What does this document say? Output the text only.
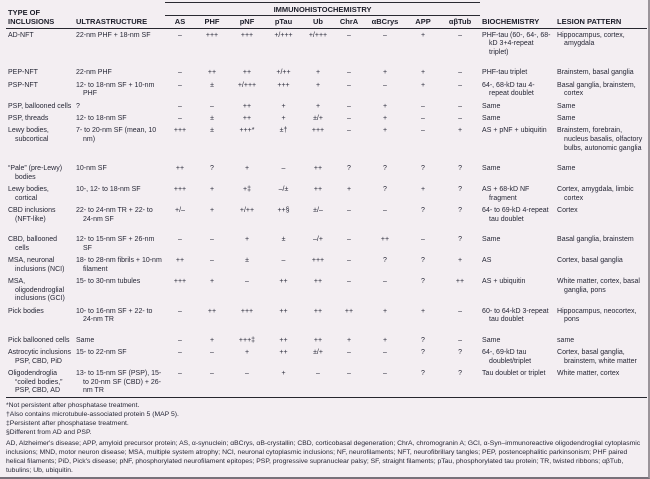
TYPE OF INCLUSIONS	ULTRASTRUCTURE	IMMUNOHISTOCHEMISTRY									BIOCHEMISTRY	LESION PATTERN
		AS	PHF	pNF	pTau	Ub	ChrA	αBCrys	APP	αβTub		
AD-NFT	22-nm PHF + 18-nm SF	–	+++	+++	+/+++	+/+++	–	–	+	–	PHF-tau (60-, 64-, 68-kD 3+4-repeat triplet)	Hippocampus, cortex, amygdala
PEP-NFT	22-nm PHF	–	++	++	+/++	+	–	+	+	–	PHF-tau triplet	Brainstem, basal ganglia
PSP-NFT	12- to 18-nm SF + 10-nm PHF	–	±	+/+++	+++	+	–	–	+	–	64-, 68-kD tau 4-repeat doublet	Basal ganglia, brainstem, cortex
PSP, ballooned cells	?	–	–	++	+	+	–	+	–	–	Same	Same
PSP, threads	12- to 18-nm SF	–	±	++	+	±/+	–	+	–	–	Same	Same
Lewy bodies, subcortical	7- to 20-nm SF (mean, 10 nm)	+++	±	+++*	±†	+++	–	+	–	+	AS + pNF + ubiquitin	Brainstem, forebrain, nucleus basalis, olfactory bulbs, autonomic ganglia
“Pale” (pre-Lewy) bodies	10-nm SF	++	?	+	–	++	?	?	?	?	Same	Same
Lewy bodies, cortical	10-, 12- to 18-nm SF	+++	+	+‡	–/±	++	+	?	+	?	AS + 68-kD NF fragment	Cortex, amygdala, limbic cortex
CBD inclusions (NFT-like)	22- to 24-nm TR + 22- to 24-nm SF	+/–	+	+/++	++§	±/–	–	–	?	?	64- to 69-kD 4-repeat tau doublet	Cortex
CBD, ballooned cells	12- to 15-nm SF + 26-nm SF	–	–	+	±	–/+	–	++	–	?	Same	Basal ganglia, brainstem
MSA, neuronal inclusions (NCI)	18- to 28-nm fibrils + 10-nm filament	++	–	±	–	+++	–	?	?	+	AS	Cortex, basal ganglia
MSA, oligodendroglial inclusions (GCI)	15- to 30-nm tubules	+++	+	–	++	++	–	–	?	++	AS + ubiquitin	White matter, cortex, basal ganglia, pons
Pick bodies	10- to 16-nm SF + 22- to 24-nm TR	–	++	+++	++	++	++	+	+	–	60- to 64-kD 3-repeat tau doublet	Hippocampus, neocortex, pons
Pick ballooned cells	Same	–	+	+++‡	++	++	+	+	?	–	Same	same
Astrocytic inclusions PSP, CBD, PiD	15- to 22-nm SF	–	–	+	++	±/+	–	–	?	?	64-, 69-kD tau doublet/triplet	Cortex, basal ganglia, brainstem, white matter
Oligodendroglia “coiled bodies,” PSP, CBD, AD	13- to 15-nm SF (PSP), 15- to 20-nm SF (CBD) + 26-nm TR	–	–	–	+	–	–	–	?	?	Tau doublet or triplet	White matter, cortex
*Not persistent after phosphatase treatment.
†Also contains microtubule-associated protein 5 (MAP 5).
‡Persistent after phosphatase treatment.
§Different from AD and PSP.
AD, Alzheimer's disease; APP, amyloid precursor protein; AS, α-synuclein; αBCrys, αB-crystallin; CBD, corticobasal degeneration; ChrA, chromogranin A; GCI, α-Syn–immunoreactive oligodendroglial cytoplasmic inclusions; MND, motor neuron disease; MSA, multiple system atrophy; NCI, neuronal cytoplasmic inclusions; NF, neurofilaments; NFT, neurofibrillary tangles; PEP, postencephalitic parkinsonism; PHF paired helical filaments; PiD, Pick's disease; pNF, phosphorylated neurofilament epitopes; PSP, progressive supranuclear palsy; SF, straight filaments; pTau, phosphorylated tau protein; TR, twisted ribbons; αβTub, tubulins; Ub, ubiquitin.
